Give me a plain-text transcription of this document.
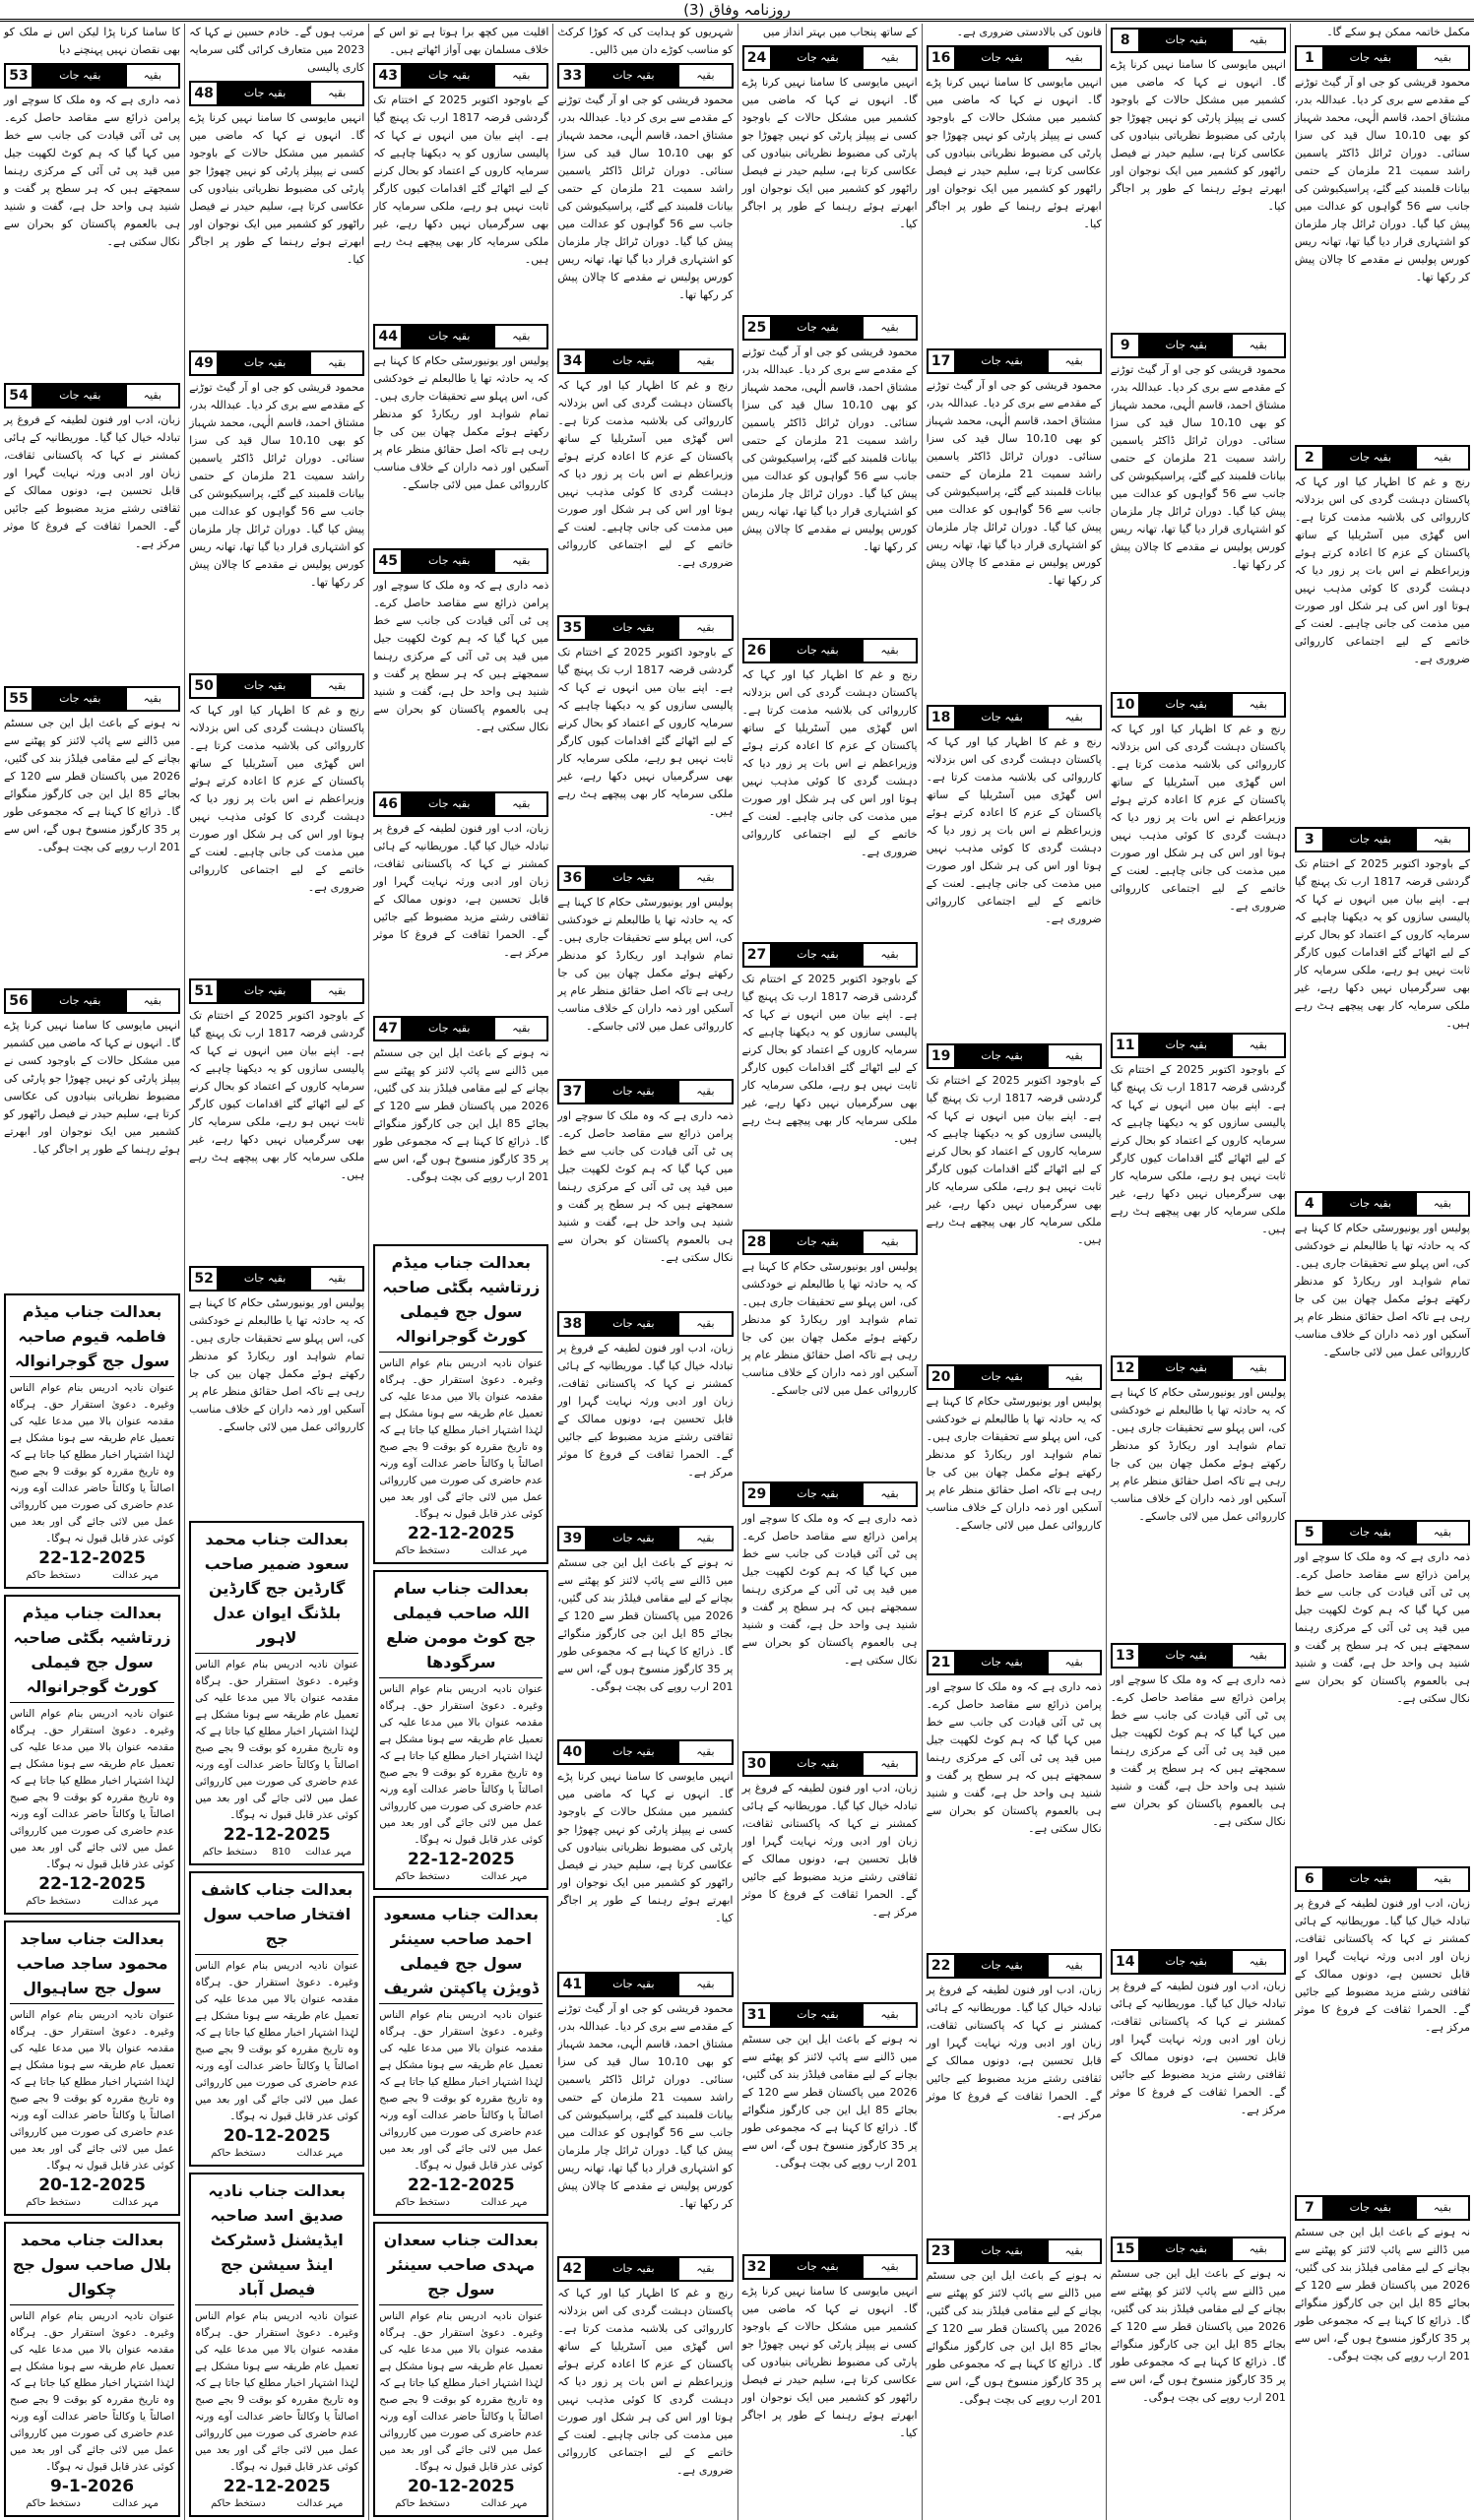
روزنامہ وفاق (3)
مکمل خاتمہ ممکن ہو سکے گا۔
بقیہ
بقیہ جات
1
محمود قریشی کو جی او آر گیٹ توڑنے کے مقدمے سے بری کر دیا۔ عبداللہ بدر، مشتاق احمد، قاسم الٰہی، محمد شہباز کو بھی 10،10 سال قید کی سزا سنائی۔ دوران ٹرائل ڈاکٹر یاسمین راشد سمیت 21 ملزمان کے حتمی بیانات قلمبند کیے گئے، پراسیکیوشن کی جانب سے 56 گواہوں کو عدالت میں پیش کیا گیا۔ دوران ٹرائل چار ملزمان کو اشتہاری قرار دیا گیا تھا، تھانہ ریس کورس پولیس نے مقدمے کا چالان پیش کر رکھا تھا۔
بقیہ
بقیہ جات
2
رنج و غم کا اظہار کیا اور کہا کہ پاکستان دہشت گردی کی اس بزدلانہ کارروائی کی بلاشبہ مذمت کرتا ہے۔ اس گھڑی میں آسٹریلیا کے ساتھ پاکستان کے عزم کا اعادہ کرتے ہوئے وزیراعظم نے اس بات پر زور دیا کہ دہشت گردی کا کوئی مذہب نہیں ہوتا اور اس کی ہر شکل اور صورت میں مذمت کی جانی چاہیے۔ لعنت کے خاتمے کے لیے اجتماعی کارروائی ضروری ہے۔
بقیہ
بقیہ جات
3
کے باوجود اکتوبر 2025 کے اختتام تک گردشی قرضہ 1817 ارب تک پہنچ گیا ہے۔ اپنے بیان میں انہوں نے کہا کہ پالیسی سازوں کو یہ دیکھنا چاہیے کہ سرمایہ کاروں کے اعتماد کو بحال کرنے کے لیے اٹھائے گئے اقدامات کیوں کارگر ثابت نہیں ہو رہے، ملکی سرمایہ کار بھی سرگرمیاں نہیں دکھا رہے، غیر ملکی سرمایہ کار بھی پیچھے ہٹ رہے ہیں۔
بقیہ
بقیہ جات
4
پولیس اور یونیورسٹی حکام کا کہنا ہے کہ یہ حادثہ تھا یا طالبعلم نے خودکشی کی، اس پہلو سے تحقیقات جاری ہیں۔ تمام شواہد اور ریکارڈ کو مدنظر رکھتے ہوئے مکمل چھان بین کی جا رہی ہے تاکہ اصل حقائق منظر عام پر آسکیں اور ذمہ داران کے خلاف مناسب کارروائی عمل میں لائی جاسکے۔
بقیہ
بقیہ جات
5
ذمہ داری ہے کہ وہ ملک کا سوچے اور پرامن ذرائع سے مقاصد حاصل کرے۔ پی ٹی آئی قیادت کی جانب سے خط میں کہا گیا کہ ہم کوٹ لکھپت جیل میں قید پی ٹی آئی کے مرکزی رہنما سمجھتے ہیں کہ ہر سطح پر گفت و شنید ہی واحد حل ہے، گفت و شنید ہی بالعموم پاکستان کو بحران سے نکال سکتی ہے۔
بقیہ
بقیہ جات
6
زبان، ادب اور فنون لطیفہ کے فروغ پر تبادلہ خیال کیا گیا۔ موریطانیہ کے ہائی کمشنر نے کہا کہ پاکستانی ثقافت، زبان اور ادبی ورثہ نہایت گہرا اور قابل تحسین ہے، دونوں ممالک کے ثقافتی رشتے مزید مضبوط کیے جائیں گے۔ الحمرا ثقافت کے فروغ کا موثر مرکز ہے۔
بقیہ
بقیہ جات
7
نہ ہونے کے باعث ایل این جی سسٹم میں ڈالنے سے پائپ لائنز کو پھٹنے سے بچانے کے لیے مقامی فیلڈز بند کی گئیں، 2026 میں پاکستان قطر سے 120 کے بجائے 85 ایل این جی کارگوز منگوائے گا۔ ذرائع کا کہنا ہے کہ مجموعی طور پر 35 کارگوز منسوخ ہوں گے، اس سے 201 ارب روپے کی بچت ہوگی۔
بقیہ
بقیہ جات
8
انہیں مایوسی کا سامنا نہیں کرنا پڑے گا۔ انہوں نے کہا کہ ماضی میں کشمیر میں مشکل حالات کے باوجود کسی نے پیپلز پارٹی کو نہیں چھوڑا جو پارٹی کی مضبوط نظریاتی بنیادوں کی عکاسی کرتا ہے، سلیم حیدر نے فیصل راٹھور کو کشمیر میں ایک نوجوان اور ابھرتے ہوئے رہنما کے طور پر اجاگر کیا۔
بقیہ
بقیہ جات
9
محمود قریشی کو جی او آر گیٹ توڑنے کے مقدمے سے بری کر دیا۔ عبداللہ بدر، مشتاق احمد، قاسم الٰہی، محمد شہباز کو بھی 10،10 سال قید کی سزا سنائی۔ دوران ٹرائل ڈاکٹر یاسمین راشد سمیت 21 ملزمان کے حتمی بیانات قلمبند کیے گئے، پراسیکیوشن کی جانب سے 56 گواہوں کو عدالت میں پیش کیا گیا۔ دوران ٹرائل چار ملزمان کو اشتہاری قرار دیا گیا تھا، تھانہ ریس کورس پولیس نے مقدمے کا چالان پیش کر رکھا تھا۔
بقیہ
بقیہ جات
10
رنج و غم کا اظہار کیا اور کہا کہ پاکستان دہشت گردی کی اس بزدلانہ کارروائی کی بلاشبہ مذمت کرتا ہے۔ اس گھڑی میں آسٹریلیا کے ساتھ پاکستان کے عزم کا اعادہ کرتے ہوئے وزیراعظم نے اس بات پر زور دیا کہ دہشت گردی کا کوئی مذہب نہیں ہوتا اور اس کی ہر شکل اور صورت میں مذمت کی جانی چاہیے۔ لعنت کے خاتمے کے لیے اجتماعی کارروائی ضروری ہے۔
بقیہ
بقیہ جات
11
کے باوجود اکتوبر 2025 کے اختتام تک گردشی قرضہ 1817 ارب تک پہنچ گیا ہے۔ اپنے بیان میں انہوں نے کہا کہ پالیسی سازوں کو یہ دیکھنا چاہیے کہ سرمایہ کاروں کے اعتماد کو بحال کرنے کے لیے اٹھائے گئے اقدامات کیوں کارگر ثابت نہیں ہو رہے، ملکی سرمایہ کار بھی سرگرمیاں نہیں دکھا رہے، غیر ملکی سرمایہ کار بھی پیچھے ہٹ رہے ہیں۔
بقیہ
بقیہ جات
12
پولیس اور یونیورسٹی حکام کا کہنا ہے کہ یہ حادثہ تھا یا طالبعلم نے خودکشی کی، اس پہلو سے تحقیقات جاری ہیں۔ تمام شواہد اور ریکارڈ کو مدنظر رکھتے ہوئے مکمل چھان بین کی جا رہی ہے تاکہ اصل حقائق منظر عام پر آسکیں اور ذمہ داران کے خلاف مناسب کارروائی عمل میں لائی جاسکے۔
بقیہ
بقیہ جات
13
ذمہ داری ہے کہ وہ ملک کا سوچے اور پرامن ذرائع سے مقاصد حاصل کرے۔ پی ٹی آئی قیادت کی جانب سے خط میں کہا گیا کہ ہم کوٹ لکھپت جیل میں قید پی ٹی آئی کے مرکزی رہنما سمجھتے ہیں کہ ہر سطح پر گفت و شنید ہی واحد حل ہے، گفت و شنید ہی بالعموم پاکستان کو بحران سے نکال سکتی ہے۔
بقیہ
بقیہ جات
14
زبان، ادب اور فنون لطیفہ کے فروغ پر تبادلہ خیال کیا گیا۔ موریطانیہ کے ہائی کمشنر نے کہا کہ پاکستانی ثقافت، زبان اور ادبی ورثہ نہایت گہرا اور قابل تحسین ہے، دونوں ممالک کے ثقافتی رشتے مزید مضبوط کیے جائیں گے۔ الحمرا ثقافت کے فروغ کا موثر مرکز ہے۔
بقیہ
بقیہ جات
15
نہ ہونے کے باعث ایل این جی سسٹم میں ڈالنے سے پائپ لائنز کو پھٹنے سے بچانے کے لیے مقامی فیلڈز بند کی گئیں، 2026 میں پاکستان قطر سے 120 کے بجائے 85 ایل این جی کارگوز منگوائے گا۔ ذرائع کا کہنا ہے کہ مجموعی طور پر 35 کارگوز منسوخ ہوں گے، اس سے 201 ارب روپے کی بچت ہوگی۔
قانون کی بالادستی ضروری ہے۔
بقیہ
بقیہ جات
16
انہیں مایوسی کا سامنا نہیں کرنا پڑے گا۔ انہوں نے کہا کہ ماضی میں کشمیر میں مشکل حالات کے باوجود کسی نے پیپلز پارٹی کو نہیں چھوڑا جو پارٹی کی مضبوط نظریاتی بنیادوں کی عکاسی کرتا ہے، سلیم حیدر نے فیصل راٹھور کو کشمیر میں ایک نوجوان اور ابھرتے ہوئے رہنما کے طور پر اجاگر کیا۔
بقیہ
بقیہ جات
17
محمود قریشی کو جی او آر گیٹ توڑنے کے مقدمے سے بری کر دیا۔ عبداللہ بدر، مشتاق احمد، قاسم الٰہی، محمد شہباز کو بھی 10،10 سال قید کی سزا سنائی۔ دوران ٹرائل ڈاکٹر یاسمین راشد سمیت 21 ملزمان کے حتمی بیانات قلمبند کیے گئے، پراسیکیوشن کی جانب سے 56 گواہوں کو عدالت میں پیش کیا گیا۔ دوران ٹرائل چار ملزمان کو اشتہاری قرار دیا گیا تھا، تھانہ ریس کورس پولیس نے مقدمے کا چالان پیش کر رکھا تھا۔
بقیہ
بقیہ جات
18
رنج و غم کا اظہار کیا اور کہا کہ پاکستان دہشت گردی کی اس بزدلانہ کارروائی کی بلاشبہ مذمت کرتا ہے۔ اس گھڑی میں آسٹریلیا کے ساتھ پاکستان کے عزم کا اعادہ کرتے ہوئے وزیراعظم نے اس بات پر زور دیا کہ دہشت گردی کا کوئی مذہب نہیں ہوتا اور اس کی ہر شکل اور صورت میں مذمت کی جانی چاہیے۔ لعنت کے خاتمے کے لیے اجتماعی کارروائی ضروری ہے۔
بقیہ
بقیہ جات
19
کے باوجود اکتوبر 2025 کے اختتام تک گردشی قرضہ 1817 ارب تک پہنچ گیا ہے۔ اپنے بیان میں انہوں نے کہا کہ پالیسی سازوں کو یہ دیکھنا چاہیے کہ سرمایہ کاروں کے اعتماد کو بحال کرنے کے لیے اٹھائے گئے اقدامات کیوں کارگر ثابت نہیں ہو رہے، ملکی سرمایہ کار بھی سرگرمیاں نہیں دکھا رہے، غیر ملکی سرمایہ کار بھی پیچھے ہٹ رہے ہیں۔
بقیہ
بقیہ جات
20
پولیس اور یونیورسٹی حکام کا کہنا ہے کہ یہ حادثہ تھا یا طالبعلم نے خودکشی کی، اس پہلو سے تحقیقات جاری ہیں۔ تمام شواہد اور ریکارڈ کو مدنظر رکھتے ہوئے مکمل چھان بین کی جا رہی ہے تاکہ اصل حقائق منظر عام پر آسکیں اور ذمہ داران کے خلاف مناسب کارروائی عمل میں لائی جاسکے۔
بقیہ
بقیہ جات
21
ذمہ داری ہے کہ وہ ملک کا سوچے اور پرامن ذرائع سے مقاصد حاصل کرے۔ پی ٹی آئی قیادت کی جانب سے خط میں کہا گیا کہ ہم کوٹ لکھپت جیل میں قید پی ٹی آئی کے مرکزی رہنما سمجھتے ہیں کہ ہر سطح پر گفت و شنید ہی واحد حل ہے، گفت و شنید ہی بالعموم پاکستان کو بحران سے نکال سکتی ہے۔
بقیہ
بقیہ جات
22
زبان، ادب اور فنون لطیفہ کے فروغ پر تبادلہ خیال کیا گیا۔ موریطانیہ کے ہائی کمشنر نے کہا کہ پاکستانی ثقافت، زبان اور ادبی ورثہ نہایت گہرا اور قابل تحسین ہے، دونوں ممالک کے ثقافتی رشتے مزید مضبوط کیے جائیں گے۔ الحمرا ثقافت کے فروغ کا موثر مرکز ہے۔
بقیہ
بقیہ جات
23
نہ ہونے کے باعث ایل این جی سسٹم میں ڈالنے سے پائپ لائنز کو پھٹنے سے بچانے کے لیے مقامی فیلڈز بند کی گئیں، 2026 میں پاکستان قطر سے 120 کے بجائے 85 ایل این جی کارگوز منگوائے گا۔ ذرائع کا کہنا ہے کہ مجموعی طور پر 35 کارگوز منسوخ ہوں گے، اس سے 201 ارب روپے کی بچت ہوگی۔
کے ساتھ پنجاب میں بہتر انداز میں
بقیہ
بقیہ جات
24
انہیں مایوسی کا سامنا نہیں کرنا پڑے گا۔ انہوں نے کہا کہ ماضی میں کشمیر میں مشکل حالات کے باوجود کسی نے پیپلز پارٹی کو نہیں چھوڑا جو پارٹی کی مضبوط نظریاتی بنیادوں کی عکاسی کرتا ہے، سلیم حیدر نے فیصل راٹھور کو کشمیر میں ایک نوجوان اور ابھرتے ہوئے رہنما کے طور پر اجاگر کیا۔
بقیہ
بقیہ جات
25
محمود قریشی کو جی او آر گیٹ توڑنے کے مقدمے سے بری کر دیا۔ عبداللہ بدر، مشتاق احمد، قاسم الٰہی، محمد شہباز کو بھی 10،10 سال قید کی سزا سنائی۔ دوران ٹرائل ڈاکٹر یاسمین راشد سمیت 21 ملزمان کے حتمی بیانات قلمبند کیے گئے، پراسیکیوشن کی جانب سے 56 گواہوں کو عدالت میں پیش کیا گیا۔ دوران ٹرائل چار ملزمان کو اشتہاری قرار دیا گیا تھا، تھانہ ریس کورس پولیس نے مقدمے کا چالان پیش کر رکھا تھا۔
بقیہ
بقیہ جات
26
رنج و غم کا اظہار کیا اور کہا کہ پاکستان دہشت گردی کی اس بزدلانہ کارروائی کی بلاشبہ مذمت کرتا ہے۔ اس گھڑی میں آسٹریلیا کے ساتھ پاکستان کے عزم کا اعادہ کرتے ہوئے وزیراعظم نے اس بات پر زور دیا کہ دہشت گردی کا کوئی مذہب نہیں ہوتا اور اس کی ہر شکل اور صورت میں مذمت کی جانی چاہیے۔ لعنت کے خاتمے کے لیے اجتماعی کارروائی ضروری ہے۔
بقیہ
بقیہ جات
27
کے باوجود اکتوبر 2025 کے اختتام تک گردشی قرضہ 1817 ارب تک پہنچ گیا ہے۔ اپنے بیان میں انہوں نے کہا کہ پالیسی سازوں کو یہ دیکھنا چاہیے کہ سرمایہ کاروں کے اعتماد کو بحال کرنے کے لیے اٹھائے گئے اقدامات کیوں کارگر ثابت نہیں ہو رہے، ملکی سرمایہ کار بھی سرگرمیاں نہیں دکھا رہے، غیر ملکی سرمایہ کار بھی پیچھے ہٹ رہے ہیں۔
بقیہ
بقیہ جات
28
پولیس اور یونیورسٹی حکام کا کہنا ہے کہ یہ حادثہ تھا یا طالبعلم نے خودکشی کی، اس پہلو سے تحقیقات جاری ہیں۔ تمام شواہد اور ریکارڈ کو مدنظر رکھتے ہوئے مکمل چھان بین کی جا رہی ہے تاکہ اصل حقائق منظر عام پر آسکیں اور ذمہ داران کے خلاف مناسب کارروائی عمل میں لائی جاسکے۔
بقیہ
بقیہ جات
29
ذمہ داری ہے کہ وہ ملک کا سوچے اور پرامن ذرائع سے مقاصد حاصل کرے۔ پی ٹی آئی قیادت کی جانب سے خط میں کہا گیا کہ ہم کوٹ لکھپت جیل میں قید پی ٹی آئی کے مرکزی رہنما سمجھتے ہیں کہ ہر سطح پر گفت و شنید ہی واحد حل ہے، گفت و شنید ہی بالعموم پاکستان کو بحران سے نکال سکتی ہے۔
بقیہ
بقیہ جات
30
زبان، ادب اور فنون لطیفہ کے فروغ پر تبادلہ خیال کیا گیا۔ موریطانیہ کے ہائی کمشنر نے کہا کہ پاکستانی ثقافت، زبان اور ادبی ورثہ نہایت گہرا اور قابل تحسین ہے، دونوں ممالک کے ثقافتی رشتے مزید مضبوط کیے جائیں گے۔ الحمرا ثقافت کے فروغ کا موثر مرکز ہے۔
بقیہ
بقیہ جات
31
نہ ہونے کے باعث ایل این جی سسٹم میں ڈالنے سے پائپ لائنز کو پھٹنے سے بچانے کے لیے مقامی فیلڈز بند کی گئیں، 2026 میں پاکستان قطر سے 120 کے بجائے 85 ایل این جی کارگوز منگوائے گا۔ ذرائع کا کہنا ہے کہ مجموعی طور پر 35 کارگوز منسوخ ہوں گے، اس سے 201 ارب روپے کی بچت ہوگی۔
بقیہ
بقیہ جات
32
انہیں مایوسی کا سامنا نہیں کرنا پڑے گا۔ انہوں نے کہا کہ ماضی میں کشمیر میں مشکل حالات کے باوجود کسی نے پیپلز پارٹی کو نہیں چھوڑا جو پارٹی کی مضبوط نظریاتی بنیادوں کی عکاسی کرتا ہے، سلیم حیدر نے فیصل راٹھور کو کشمیر میں ایک نوجوان اور ابھرتے ہوئے رہنما کے طور پر اجاگر کیا۔
شہریوں کو ہدایت کی کہ کوڑا کرکٹ کو مناسب کوڑے دان میں ڈالیں۔
بقیہ
بقیہ جات
33
محمود قریشی کو جی او آر گیٹ توڑنے کے مقدمے سے بری کر دیا۔ عبداللہ بدر، مشتاق احمد، قاسم الٰہی، محمد شہباز کو بھی 10،10 سال قید کی سزا سنائی۔ دوران ٹرائل ڈاکٹر یاسمین راشد سمیت 21 ملزمان کے حتمی بیانات قلمبند کیے گئے، پراسیکیوشن کی جانب سے 56 گواہوں کو عدالت میں پیش کیا گیا۔ دوران ٹرائل چار ملزمان کو اشتہاری قرار دیا گیا تھا، تھانہ ریس کورس پولیس نے مقدمے کا چالان پیش کر رکھا تھا۔
بقیہ
بقیہ جات
34
رنج و غم کا اظہار کیا اور کہا کہ پاکستان دہشت گردی کی اس بزدلانہ کارروائی کی بلاشبہ مذمت کرتا ہے۔ اس گھڑی میں آسٹریلیا کے ساتھ پاکستان کے عزم کا اعادہ کرتے ہوئے وزیراعظم نے اس بات پر زور دیا کہ دہشت گردی کا کوئی مذہب نہیں ہوتا اور اس کی ہر شکل اور صورت میں مذمت کی جانی چاہیے۔ لعنت کے خاتمے کے لیے اجتماعی کارروائی ضروری ہے۔
بقیہ
بقیہ جات
35
کے باوجود اکتوبر 2025 کے اختتام تک گردشی قرضہ 1817 ارب تک پہنچ گیا ہے۔ اپنے بیان میں انہوں نے کہا کہ پالیسی سازوں کو یہ دیکھنا چاہیے کہ سرمایہ کاروں کے اعتماد کو بحال کرنے کے لیے اٹھائے گئے اقدامات کیوں کارگر ثابت نہیں ہو رہے، ملکی سرمایہ کار بھی سرگرمیاں نہیں دکھا رہے، غیر ملکی سرمایہ کار بھی پیچھے ہٹ رہے ہیں۔
بقیہ
بقیہ جات
36
پولیس اور یونیورسٹی حکام کا کہنا ہے کہ یہ حادثہ تھا یا طالبعلم نے خودکشی کی، اس پہلو سے تحقیقات جاری ہیں۔ تمام شواہد اور ریکارڈ کو مدنظر رکھتے ہوئے مکمل چھان بین کی جا رہی ہے تاکہ اصل حقائق منظر عام پر آسکیں اور ذمہ داران کے خلاف مناسب کارروائی عمل میں لائی جاسکے۔
بقیہ
بقیہ جات
37
ذمہ داری ہے کہ وہ ملک کا سوچے اور پرامن ذرائع سے مقاصد حاصل کرے۔ پی ٹی آئی قیادت کی جانب سے خط میں کہا گیا کہ ہم کوٹ لکھپت جیل میں قید پی ٹی آئی کے مرکزی رہنما سمجھتے ہیں کہ ہر سطح پر گفت و شنید ہی واحد حل ہے، گفت و شنید ہی بالعموم پاکستان کو بحران سے نکال سکتی ہے۔
بقیہ
بقیہ جات
38
زبان، ادب اور فنون لطیفہ کے فروغ پر تبادلہ خیال کیا گیا۔ موریطانیہ کے ہائی کمشنر نے کہا کہ پاکستانی ثقافت، زبان اور ادبی ورثہ نہایت گہرا اور قابل تحسین ہے، دونوں ممالک کے ثقافتی رشتے مزید مضبوط کیے جائیں گے۔ الحمرا ثقافت کے فروغ کا موثر مرکز ہے۔
بقیہ
بقیہ جات
39
نہ ہونے کے باعث ایل این جی سسٹم میں ڈالنے سے پائپ لائنز کو پھٹنے سے بچانے کے لیے مقامی فیلڈز بند کی گئیں، 2026 میں پاکستان قطر سے 120 کے بجائے 85 ایل این جی کارگوز منگوائے گا۔ ذرائع کا کہنا ہے کہ مجموعی طور پر 35 کارگوز منسوخ ہوں گے، اس سے 201 ارب روپے کی بچت ہوگی۔
بقیہ
بقیہ جات
40
انہیں مایوسی کا سامنا نہیں کرنا پڑے گا۔ انہوں نے کہا کہ ماضی میں کشمیر میں مشکل حالات کے باوجود کسی نے پیپلز پارٹی کو نہیں چھوڑا جو پارٹی کی مضبوط نظریاتی بنیادوں کی عکاسی کرتا ہے، سلیم حیدر نے فیصل راٹھور کو کشمیر میں ایک نوجوان اور ابھرتے ہوئے رہنما کے طور پر اجاگر کیا۔
بقیہ
بقیہ جات
41
محمود قریشی کو جی او آر گیٹ توڑنے کے مقدمے سے بری کر دیا۔ عبداللہ بدر، مشتاق احمد، قاسم الٰہی، محمد شہباز کو بھی 10،10 سال قید کی سزا سنائی۔ دوران ٹرائل ڈاکٹر یاسمین راشد سمیت 21 ملزمان کے حتمی بیانات قلمبند کیے گئے، پراسیکیوشن کی جانب سے 56 گواہوں کو عدالت میں پیش کیا گیا۔ دوران ٹرائل چار ملزمان کو اشتہاری قرار دیا گیا تھا، تھانہ ریس کورس پولیس نے مقدمے کا چالان پیش کر رکھا تھا۔
بقیہ
بقیہ جات
42
رنج و غم کا اظہار کیا اور کہا کہ پاکستان دہشت گردی کی اس بزدلانہ کارروائی کی بلاشبہ مذمت کرتا ہے۔ اس گھڑی میں آسٹریلیا کے ساتھ پاکستان کے عزم کا اعادہ کرتے ہوئے وزیراعظم نے اس بات پر زور دیا کہ دہشت گردی کا کوئی مذہب نہیں ہوتا اور اس کی ہر شکل اور صورت میں مذمت کی جانی چاہیے۔ لعنت کے خاتمے کے لیے اجتماعی کارروائی ضروری ہے۔
اقلیت میں کچھ برا ہوتا ہے تو اس کے خلاف مسلمان بھی آواز اٹھاتے ہیں۔
بقیہ
بقیہ جات
43
کے باوجود اکتوبر 2025 کے اختتام تک گردشی قرضہ 1817 ارب تک پہنچ گیا ہے۔ اپنے بیان میں انہوں نے کہا کہ پالیسی سازوں کو یہ دیکھنا چاہیے کہ سرمایہ کاروں کے اعتماد کو بحال کرنے کے لیے اٹھائے گئے اقدامات کیوں کارگر ثابت نہیں ہو رہے، ملکی سرمایہ کار بھی سرگرمیاں نہیں دکھا رہے، غیر ملکی سرمایہ کار بھی پیچھے ہٹ رہے ہیں۔
بقیہ
بقیہ جات
44
پولیس اور یونیورسٹی حکام کا کہنا ہے کہ یہ حادثہ تھا یا طالبعلم نے خودکشی کی، اس پہلو سے تحقیقات جاری ہیں۔ تمام شواہد اور ریکارڈ کو مدنظر رکھتے ہوئے مکمل چھان بین کی جا رہی ہے تاکہ اصل حقائق منظر عام پر آسکیں اور ذمہ داران کے خلاف مناسب کارروائی عمل میں لائی جاسکے۔
بقیہ
بقیہ جات
45
ذمہ داری ہے کہ وہ ملک کا سوچے اور پرامن ذرائع سے مقاصد حاصل کرے۔ پی ٹی آئی قیادت کی جانب سے خط میں کہا گیا کہ ہم کوٹ لکھپت جیل میں قید پی ٹی آئی کے مرکزی رہنما سمجھتے ہیں کہ ہر سطح پر گفت و شنید ہی واحد حل ہے، گفت و شنید ہی بالعموم پاکستان کو بحران سے نکال سکتی ہے۔
بقیہ
بقیہ جات
46
زبان، ادب اور فنون لطیفہ کے فروغ پر تبادلہ خیال کیا گیا۔ موریطانیہ کے ہائی کمشنر نے کہا کہ پاکستانی ثقافت، زبان اور ادبی ورثہ نہایت گہرا اور قابل تحسین ہے، دونوں ممالک کے ثقافتی رشتے مزید مضبوط کیے جائیں گے۔ الحمرا ثقافت کے فروغ کا موثر مرکز ہے۔
بقیہ
بقیہ جات
47
نہ ہونے کے باعث ایل این جی سسٹم میں ڈالنے سے پائپ لائنز کو پھٹنے سے بچانے کے لیے مقامی فیلڈز بند کی گئیں، 2026 میں پاکستان قطر سے 120 کے بجائے 85 ایل این جی کارگوز منگوائے گا۔ ذرائع کا کہنا ہے کہ مجموعی طور پر 35 کارگوز منسوخ ہوں گے، اس سے 201 ارب روپے کی بچت ہوگی۔
بعدالت جناب میڈم زرتاشیہ بگٹی صاحبہ سول جج فیملی کورٹ گوجرانوالہ
عنوان نادیہ ادریس بنام عوام الناس وغیرہ۔ دعویٰ استقرار حق۔ ہرگاہ مقدمہ عنوان بالا میں مدعا علیہ کی تعمیل عام طریقہ سے ہونا مشکل ہے لہٰذا اشتہار اخبار مطلع کیا جاتا ہے کہ وہ تاریخ مقررہ کو بوقت 9 بجے صبح اصالتاً یا وکالتاً حاضر عدالت آوے ورنہ عدم حاضری کی صورت میں کارروائی عمل میں لائی جائے گی اور بعد میں کوئی عذر قابل قبول نہ ہوگا۔
22-12-2025
مہر عدالت
دستخط حاکم
بعدالت جناب سام اللہ صاحب فیملی جج کوٹ مومن ضلع سرگودھا
عنوان نادیہ ادریس بنام عوام الناس وغیرہ۔ دعویٰ استقرار حق۔ ہرگاہ مقدمہ عنوان بالا میں مدعا علیہ کی تعمیل عام طریقہ سے ہونا مشکل ہے لہٰذا اشتہار اخبار مطلع کیا جاتا ہے کہ وہ تاریخ مقررہ کو بوقت 9 بجے صبح اصالتاً یا وکالتاً حاضر عدالت آوے ورنہ عدم حاضری کی صورت میں کارروائی عمل میں لائی جائے گی اور بعد میں کوئی عذر قابل قبول نہ ہوگا۔
22-12-2025
مہر عدالت
دستخط حاکم
بعدالت جناب مسعود احمد صاحب سینئر سول جج فیملی ڈویژن پاکپتن شریف
عنوان نادیہ ادریس بنام عوام الناس وغیرہ۔ دعویٰ استقرار حق۔ ہرگاہ مقدمہ عنوان بالا میں مدعا علیہ کی تعمیل عام طریقہ سے ہونا مشکل ہے لہٰذا اشتہار اخبار مطلع کیا جاتا ہے کہ وہ تاریخ مقررہ کو بوقت 9 بجے صبح اصالتاً یا وکالتاً حاضر عدالت آوے ورنہ عدم حاضری کی صورت میں کارروائی عمل میں لائی جائے گی اور بعد میں کوئی عذر قابل قبول نہ ہوگا۔
22-12-2025
مہر عدالت
دستخط حاکم
بعدالت جناب سعدان مہدی صاحب سینئر سول جج
عنوان نادیہ ادریس بنام عوام الناس وغیرہ۔ دعویٰ استقرار حق۔ ہرگاہ مقدمہ عنوان بالا میں مدعا علیہ کی تعمیل عام طریقہ سے ہونا مشکل ہے لہٰذا اشتہار اخبار مطلع کیا جاتا ہے کہ وہ تاریخ مقررہ کو بوقت 9 بجے صبح اصالتاً یا وکالتاً حاضر عدالت آوے ورنہ عدم حاضری کی صورت میں کارروائی عمل میں لائی جائے گی اور بعد میں کوئی عذر قابل قبول نہ ہوگا۔
20-12-2025
مہر عدالت
دستخط حاکم
مرتب ہوں گے۔ خادم حسین نے کہا کہ 2023 میں متعارف کرائی گئی سرمایہ کاری پالیسی
بقیہ
بقیہ جات
48
انہیں مایوسی کا سامنا نہیں کرنا پڑے گا۔ انہوں نے کہا کہ ماضی میں کشمیر میں مشکل حالات کے باوجود کسی نے پیپلز پارٹی کو نہیں چھوڑا جو پارٹی کی مضبوط نظریاتی بنیادوں کی عکاسی کرتا ہے، سلیم حیدر نے فیصل راٹھور کو کشمیر میں ایک نوجوان اور ابھرتے ہوئے رہنما کے طور پر اجاگر کیا۔
بقیہ
بقیہ جات
49
محمود قریشی کو جی او آر گیٹ توڑنے کے مقدمے سے بری کر دیا۔ عبداللہ بدر، مشتاق احمد، قاسم الٰہی، محمد شہباز کو بھی 10،10 سال قید کی سزا سنائی۔ دوران ٹرائل ڈاکٹر یاسمین راشد سمیت 21 ملزمان کے حتمی بیانات قلمبند کیے گئے، پراسیکیوشن کی جانب سے 56 گواہوں کو عدالت میں پیش کیا گیا۔ دوران ٹرائل چار ملزمان کو اشتہاری قرار دیا گیا تھا، تھانہ ریس کورس پولیس نے مقدمے کا چالان پیش کر رکھا تھا۔
بقیہ
بقیہ جات
50
رنج و غم کا اظہار کیا اور کہا کہ پاکستان دہشت گردی کی اس بزدلانہ کارروائی کی بلاشبہ مذمت کرتا ہے۔ اس گھڑی میں آسٹریلیا کے ساتھ پاکستان کے عزم کا اعادہ کرتے ہوئے وزیراعظم نے اس بات پر زور دیا کہ دہشت گردی کا کوئی مذہب نہیں ہوتا اور اس کی ہر شکل اور صورت میں مذمت کی جانی چاہیے۔ لعنت کے خاتمے کے لیے اجتماعی کارروائی ضروری ہے۔
بقیہ
بقیہ جات
51
کے باوجود اکتوبر 2025 کے اختتام تک گردشی قرضہ 1817 ارب تک پہنچ گیا ہے۔ اپنے بیان میں انہوں نے کہا کہ پالیسی سازوں کو یہ دیکھنا چاہیے کہ سرمایہ کاروں کے اعتماد کو بحال کرنے کے لیے اٹھائے گئے اقدامات کیوں کارگر ثابت نہیں ہو رہے، ملکی سرمایہ کار بھی سرگرمیاں نہیں دکھا رہے، غیر ملکی سرمایہ کار بھی پیچھے ہٹ رہے ہیں۔
بقیہ
بقیہ جات
52
پولیس اور یونیورسٹی حکام کا کہنا ہے کہ یہ حادثہ تھا یا طالبعلم نے خودکشی کی، اس پہلو سے تحقیقات جاری ہیں۔ تمام شواہد اور ریکارڈ کو مدنظر رکھتے ہوئے مکمل چھان بین کی جا رہی ہے تاکہ اصل حقائق منظر عام پر آسکیں اور ذمہ داران کے خلاف مناسب کارروائی عمل میں لائی جاسکے۔
بعدالت جناب محمد سعود ضمیر صاحب گارڈین جج گارڈین بلڈنگ ایوان عدل لاہور
عنوان نادیہ ادریس بنام عوام الناس وغیرہ۔ دعویٰ استقرار حق۔ ہرگاہ مقدمہ عنوان بالا میں مدعا علیہ کی تعمیل عام طریقہ سے ہونا مشکل ہے لہٰذا اشتہار اخبار مطلع کیا جاتا ہے کہ وہ تاریخ مقررہ کو بوقت 9 بجے صبح اصالتاً یا وکالتاً حاضر عدالت آوے ورنہ عدم حاضری کی صورت میں کارروائی عمل میں لائی جائے گی اور بعد میں کوئی عذر قابل قبول نہ ہوگا۔
22-12-2025
مہر عدالت
810
دستخط حاکم
بعدالت جناب کاشف افتخار صاحب سول جج
عنوان نادیہ ادریس بنام عوام الناس وغیرہ۔ دعویٰ استقرار حق۔ ہرگاہ مقدمہ عنوان بالا میں مدعا علیہ کی تعمیل عام طریقہ سے ہونا مشکل ہے لہٰذا اشتہار اخبار مطلع کیا جاتا ہے کہ وہ تاریخ مقررہ کو بوقت 9 بجے صبح اصالتاً یا وکالتاً حاضر عدالت آوے ورنہ عدم حاضری کی صورت میں کارروائی عمل میں لائی جائے گی اور بعد میں کوئی عذر قابل قبول نہ ہوگا۔
20-12-2025
مہر عدالت
دستخط حاکم
بعدالت جناب نادیہ صدیق اسد صاحبہ ایڈیشنل ڈسٹرکٹ اینڈ سیشن جج فیصل آباد
عنوان نادیہ ادریس بنام عوام الناس وغیرہ۔ دعویٰ استقرار حق۔ ہرگاہ مقدمہ عنوان بالا میں مدعا علیہ کی تعمیل عام طریقہ سے ہونا مشکل ہے لہٰذا اشتہار اخبار مطلع کیا جاتا ہے کہ وہ تاریخ مقررہ کو بوقت 9 بجے صبح اصالتاً یا وکالتاً حاضر عدالت آوے ورنہ عدم حاضری کی صورت میں کارروائی عمل میں لائی جائے گی اور بعد میں کوئی عذر قابل قبول نہ ہوگا۔
22-12-2025
مہر عدالت
دستخط حاکم
کا سامنا کرنا پڑا لیکن اس نے ملک کو بھی نقصان نہیں پہنچنے دیا
بقیہ
بقیہ جات
53
ذمہ داری ہے کہ وہ ملک کا سوچے اور پرامن ذرائع سے مقاصد حاصل کرے۔ پی ٹی آئی قیادت کی جانب سے خط میں کہا گیا کہ ہم کوٹ لکھپت جیل میں قید پی ٹی آئی کے مرکزی رہنما سمجھتے ہیں کہ ہر سطح پر گفت و شنید ہی واحد حل ہے، گفت و شنید ہی بالعموم پاکستان کو بحران سے نکال سکتی ہے۔
بقیہ
بقیہ جات
54
زبان، ادب اور فنون لطیفہ کے فروغ پر تبادلہ خیال کیا گیا۔ موریطانیہ کے ہائی کمشنر نے کہا کہ پاکستانی ثقافت، زبان اور ادبی ورثہ نہایت گہرا اور قابل تحسین ہے، دونوں ممالک کے ثقافتی رشتے مزید مضبوط کیے جائیں گے۔ الحمرا ثقافت کے فروغ کا موثر مرکز ہے۔
بقیہ
بقیہ جات
55
نہ ہونے کے باعث ایل این جی سسٹم میں ڈالنے سے پائپ لائنز کو پھٹنے سے بچانے کے لیے مقامی فیلڈز بند کی گئیں، 2026 میں پاکستان قطر سے 120 کے بجائے 85 ایل این جی کارگوز منگوائے گا۔ ذرائع کا کہنا ہے کہ مجموعی طور پر 35 کارگوز منسوخ ہوں گے، اس سے 201 ارب روپے کی بچت ہوگی۔
بقیہ
بقیہ جات
56
انہیں مایوسی کا سامنا نہیں کرنا پڑے گا۔ انہوں نے کہا کہ ماضی میں کشمیر میں مشکل حالات کے باوجود کسی نے پیپلز پارٹی کو نہیں چھوڑا جو پارٹی کی مضبوط نظریاتی بنیادوں کی عکاسی کرتا ہے، سلیم حیدر نے فیصل راٹھور کو کشمیر میں ایک نوجوان اور ابھرتے ہوئے رہنما کے طور پر اجاگر کیا۔
بعدالت جناب میڈم فاطمہ قیوم صاحبہ سول جج گوجرانوالہ
عنوان نادیہ ادریس بنام عوام الناس وغیرہ۔ دعویٰ استقرار حق۔ ہرگاہ مقدمہ عنوان بالا میں مدعا علیہ کی تعمیل عام طریقہ سے ہونا مشکل ہے لہٰذا اشتہار اخبار مطلع کیا جاتا ہے کہ وہ تاریخ مقررہ کو بوقت 9 بجے صبح اصالتاً یا وکالتاً حاضر عدالت آوے ورنہ عدم حاضری کی صورت میں کارروائی عمل میں لائی جائے گی اور بعد میں کوئی عذر قابل قبول نہ ہوگا۔
22-12-2025
مہر عدالت
دستخط حاکم
بعدالت جناب میڈم زرتاشیہ بگٹی صاحبہ سول جج فیملی کورٹ گوجرانوالہ
عنوان نادیہ ادریس بنام عوام الناس وغیرہ۔ دعویٰ استقرار حق۔ ہرگاہ مقدمہ عنوان بالا میں مدعا علیہ کی تعمیل عام طریقہ سے ہونا مشکل ہے لہٰذا اشتہار اخبار مطلع کیا جاتا ہے کہ وہ تاریخ مقررہ کو بوقت 9 بجے صبح اصالتاً یا وکالتاً حاضر عدالت آوے ورنہ عدم حاضری کی صورت میں کارروائی عمل میں لائی جائے گی اور بعد میں کوئی عذر قابل قبول نہ ہوگا۔
22-12-2025
مہر عدالت
دستخط حاکم
بعدالت جناب ساجد محمود ساجد صاحب سول جج ساہیوال
عنوان نادیہ ادریس بنام عوام الناس وغیرہ۔ دعویٰ استقرار حق۔ ہرگاہ مقدمہ عنوان بالا میں مدعا علیہ کی تعمیل عام طریقہ سے ہونا مشکل ہے لہٰذا اشتہار اخبار مطلع کیا جاتا ہے کہ وہ تاریخ مقررہ کو بوقت 9 بجے صبح اصالتاً یا وکالتاً حاضر عدالت آوے ورنہ عدم حاضری کی صورت میں کارروائی عمل میں لائی جائے گی اور بعد میں کوئی عذر قابل قبول نہ ہوگا۔
20-12-2025
مہر عدالت
دستخط حاکم
بعدالت جناب محمد بلال صاحب سول جج چکوال
عنوان نادیہ ادریس بنام عوام الناس وغیرہ۔ دعویٰ استقرار حق۔ ہرگاہ مقدمہ عنوان بالا میں مدعا علیہ کی تعمیل عام طریقہ سے ہونا مشکل ہے لہٰذا اشتہار اخبار مطلع کیا جاتا ہے کہ وہ تاریخ مقررہ کو بوقت 9 بجے صبح اصالتاً یا وکالتاً حاضر عدالت آوے ورنہ عدم حاضری کی صورت میں کارروائی عمل میں لائی جائے گی اور بعد میں کوئی عذر قابل قبول نہ ہوگا۔
9-1-2026
مہر عدالت
دستخط حاکم
